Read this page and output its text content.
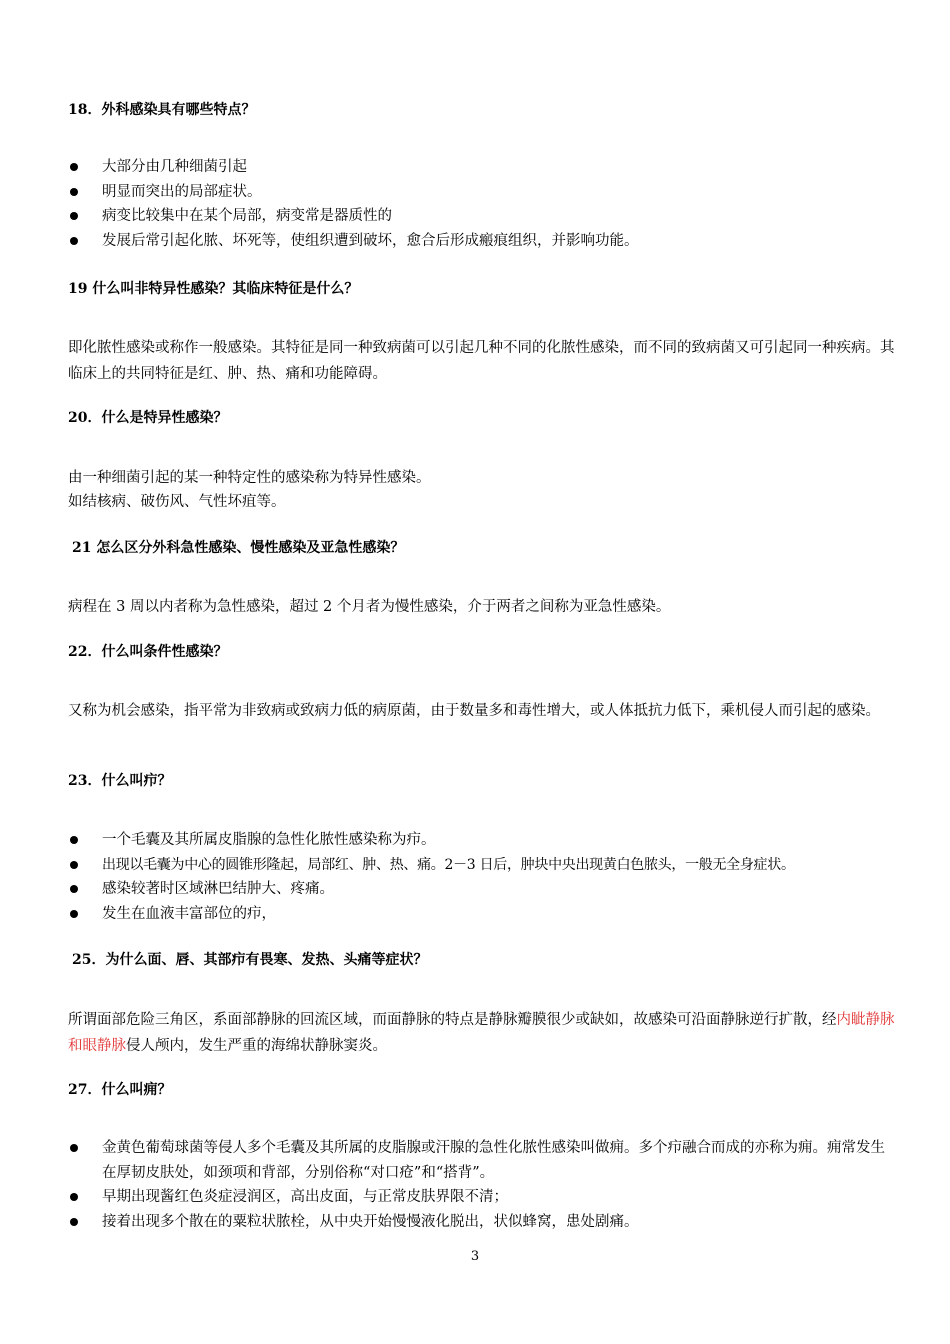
18．外科感染具有哪些特点？
大部分由几种细菌引起
明显而突出的局部症状。
病变比较集中在某个局部，病变常是器质性的
发展后常引起化脓、坏死等，使组织遭到破坏，愈合后形成瘢痕组织，并影响功能。
19 什么叫非特异性感染？其临床特征是什么？

即化脓性感染或称作一般感染。其特征是同一种致病菌可以引起几种不同的化脓性感染，而不同的致病菌又可引起同一种疾病。其临床上的共同特征是红、肿、热、痛和功能障碍。

20．什么是特异性感染？

由一种细菌引起的某一种特定性的感染称为特异性感染。

如结核病、破伤风、气性坏疽等。

21 怎么区分外科急性感染、慢性感染及亚急性感染？

病程在 3 周以内者称为急性感染，超过 2 个月者为慢性感染，介于两者之间称为亚急性感染。

22．什么叫条件性感染？

又称为机会感染，指平常为非致病或致病力低的病原菌，由于数量多和毒性增大，或人体抵抗力低下，乘机侵人而引起的感染。

23．什么叫疖？
一个毛囊及其所属皮脂腺的急性化脓性感染称为疖。
出现以毛囊为中心的圆锥形隆起，局部红、肿、热、痛。2－3 日后，肿块中央出现黄白色脓头，一般无全身症状。
感染较著时区域淋巴结肿大、疼痛。
发生在血液丰富部位的疖，
25．为什么面、唇、其部疖有畏寒、发热、头痛等症状？

所谓面部危险三角区，系面部静脉的回流区域，而面静脉的特点是静脉瓣膜很少或缺如，故感染可沿面静脉逆行扩散，经内眦静脉和眼静脉侵人颅内，发生严重的海绵状静脉窦炎。

27．什么叫痈？
金黄色葡萄球菌等侵人多个毛囊及其所属的皮脂腺或汗腺的急性化脓性感染叫做痈。多个疖融合而成的亦称为痈。痈常发生在厚韧皮肤处，如颈项和背部，分别俗称“对口疮”和“搭背”。
早期出现酱红色炎症浸润区，高出皮面，与正常皮肤界限不清；
接着出现多个散在的粟粒状脓栓，从中央开始慢慢液化脱出，状似蜂窝，患处剧痛。
3
